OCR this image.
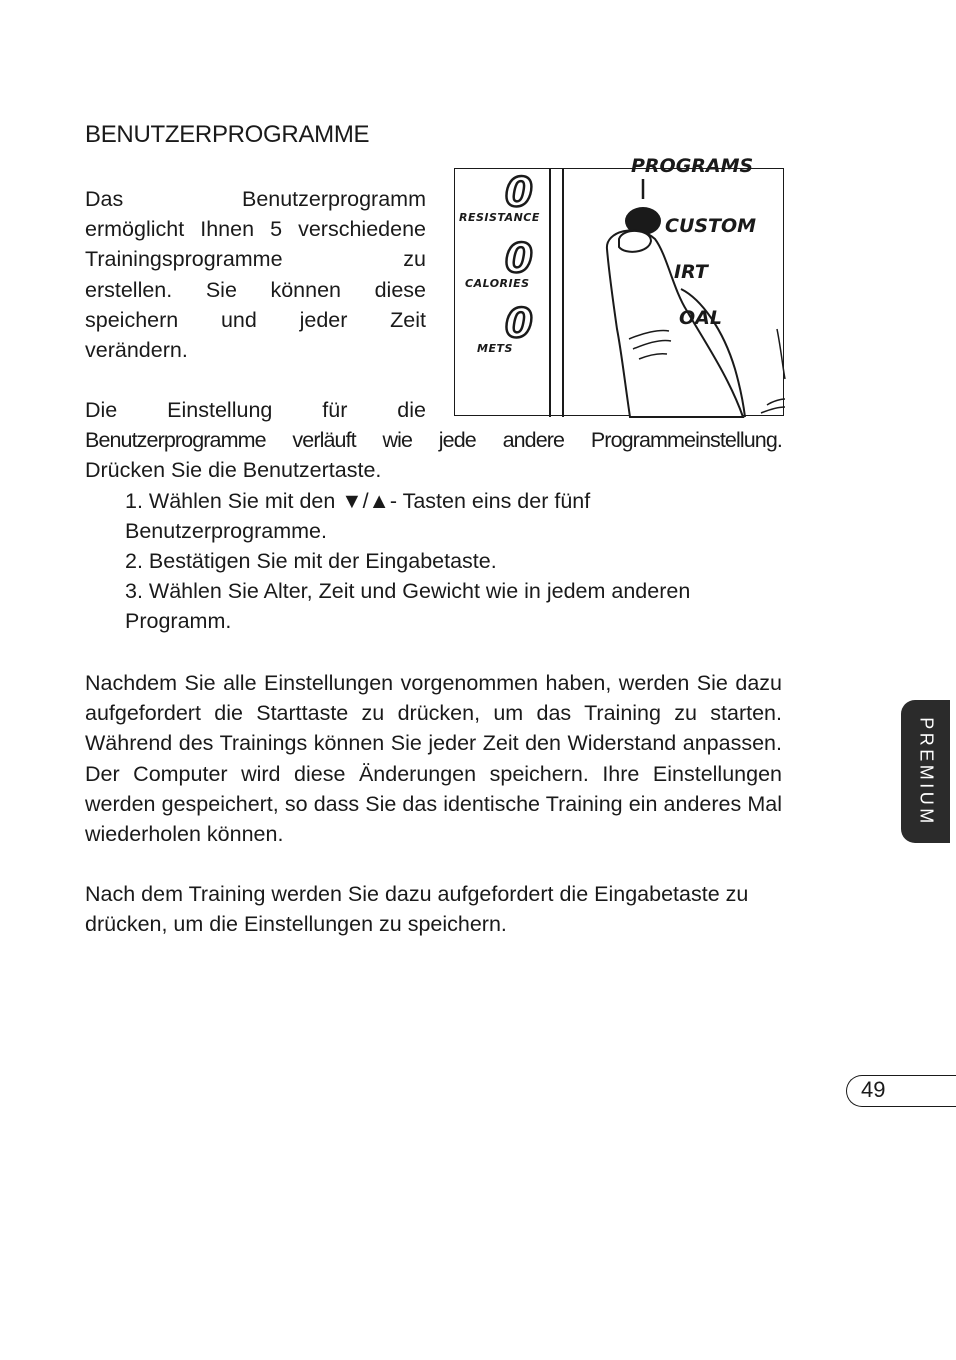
BENUTZERPROGRAMME
Das Benutzerprogramm
ermöglicht Ihnen 5 verschiedene
Trainingsprogramme zu
erstellen. Sie können diese
speichern und jeder Zeit
verändern.
0
RESISTANCE
0
CALORIES
0
METS
PROGRAMS
CUSTOM
IRT
OAL
Die Einstellung für die
Benutzerprogramme verläuft wie jede andere Programmeinstellung.
Drücken Sie die Benutzertaste.
1. Wählen Sie mit den ▼/▲- Tasten eins der fünf
Benutzerprogramme.
2. Bestätigen Sie mit der Eingabetaste.
3. Wählen Sie Alter, Zeit und Gewicht wie in jedem anderen
Programm.
Nachdem Sie alle Einstellungen vorgenommen haben, werden Sie dazu aufgefordert die Starttaste zu drücken, um das Training zu starten. Während des Trainings können Sie jeder Zeit den Widerstand anpassen. Der Computer wird diese Änderungen speichern. Ihre Einstellungen werden gespeichert, so dass Sie das identische Training ein anderes Mal wiederholen können.
Nach dem Training werden Sie dazu aufgefordert die Eingabetaste zu drücken, um die Einstellungen zu speichern.
PREMIUM
49
